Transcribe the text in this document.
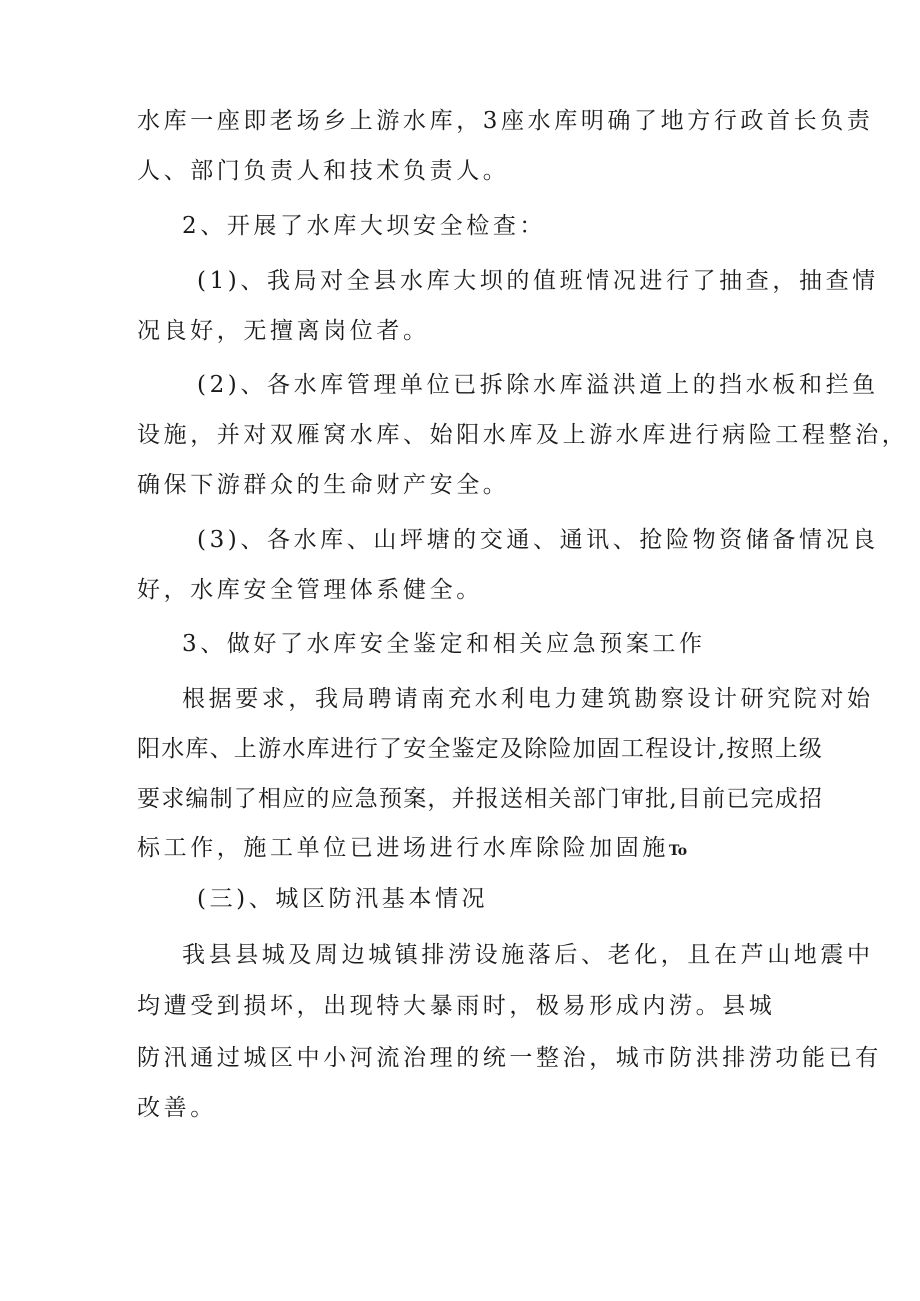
水库一座即老场乡上游水库，3座水库明确了地方行政首长负责

人、部门负责人和技术负责人。

2、开展了水库大坝安全检查：

(1)、我局对全县水库大坝的值班情况进行了抽查，抽查情

况良好，无擅离岗位者。

(2)、各水库管理单位已拆除水库溢洪道上的挡水板和拦鱼

设施，并对双雁窝水库、始阳水库及上游水库进行病险工程整治，

确保下游群众的生命财产安全。

(3)、各水库、山坪塘的交通、通讯、抢险物资储备情况良

好，水库安全管理体系健全。

3、做好了水库安全鉴定和相关应急预案工作

根据要求，我局聘请南充水利电力建筑勘察设计研究院对始

阳水库、上游水库进行了安全鉴定及除险加固工程设计,按照上级

要求编制了相应的应急预案，并报送相关部门审批,目前已完成招

标工作，施工单位已进场进行水库除险加固施To

(三)、城区防汛基本情况

我县县城及周边城镇排涝设施落后、老化，且在芦山地震中

均遭受到损坏，出现特大暴雨时，极易形成内涝。县城

防汛通过城区中小河流治理的统一整治，城市防洪排涝功能已有

改善。
